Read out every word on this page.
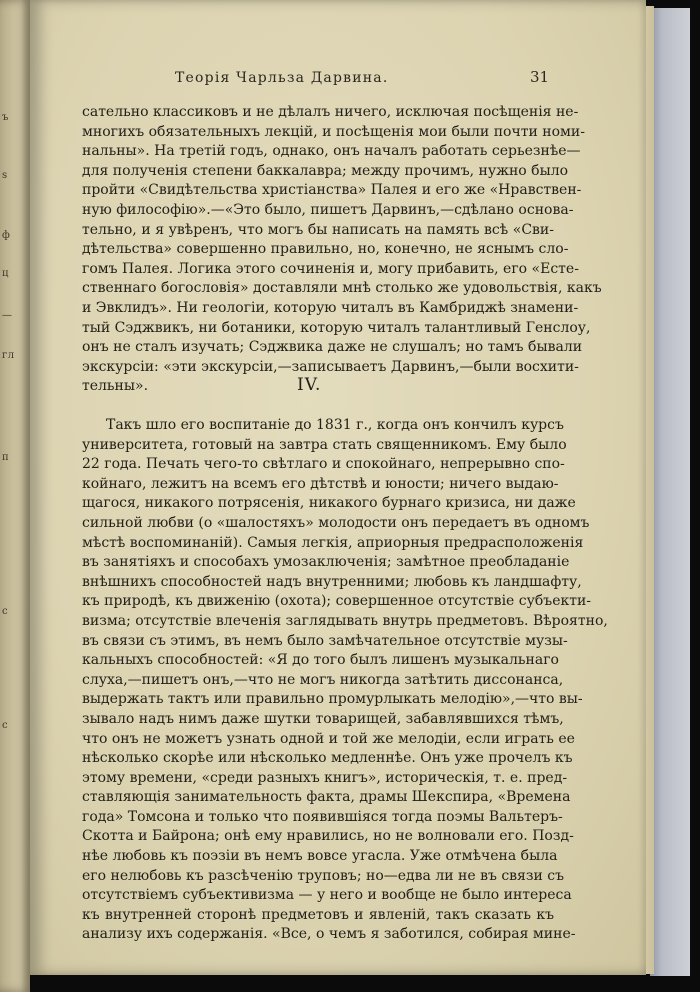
ъ
s
ф
ц
—
гл
п
с
с
Теорія Чарльза Дарвина.	31
сательно классиковъ и не дѣлалъ ничего, исключая посѣщенія не-
многихъ обязательныхъ лекцій, и посѣщенія мои были почти номи-
нальны». На третій годъ, однако, онъ началъ работать серьезнѣе—
для полученія степени баккалавра; между прочимъ, нужно было
пройти «Свидѣтельства христіанства» Палея и его же «Нравствен-
ную философію».—«Это было, пишетъ Дарвинъ,—сдѣлано основа-
тельно, и я увѣренъ, что могъ бы написать на память всѣ «Сви-
дѣтельства» совершенно правильно, но, конечно, не яснымъ сло-
гомъ Палея. Логика этого сочиненія и, могу прибавить, его «Есте-
ственнаго богословія» доставляли мнѣ столько же удовольствія, какъ
и Эвклидъ». Ни геологіи, которую читалъ въ Камбриджѣ знамени-
тый Сэджвикъ, ни ботаники, которую читалъ талантливый Генслоу,
онъ не сталъ изучать; Сэджвика даже не слушалъ; но тамъ бывали
экскурсіи: «эти экскурсіи,—записываетъ Дарвинъ,—были восхити-
тельны».	IV.
Такъ шло его воспитаніе до 1831 г., когда онъ кончилъ курсъ
университета, готовый на завтра стать священникомъ. Ему было
22 года. Печать чего-то свѣтлаго и спокойнаго, непрерывно спо-
койнаго, лежитъ на всемъ его дѣтствѣ и юности; ничего выдаю-
щагося, никакого потрясенія, никакого бурнаго кризиса, ни даже
сильной любви (о «шалостяхъ» молодости онъ передаетъ въ одномъ
мѣстѣ воспоминаній). Самыя легкія, априорныя предрасположенія
въ занятіяхъ и способахъ умозаключенія; замѣтное преобладаніе
внѣшнихъ способностей надъ внутренними; любовь къ ландшафту,
къ природѣ, къ движенію (охота); совершенное отсутствіе субъекти-
визма; отсутствіе влеченія заглядывать внутрь предметовъ. Вѣроятно,
въ связи съ этимъ, въ немъ было замѣчательное отсутствіе музы-
кальныхъ способностей: «Я до того былъ лишенъ музыкальнаго
слуха,—пишетъ онъ,—что не могъ никогда затѣтить диссонанса,
выдержать тактъ или правильно промурлыкать мелодію»,—что вы-
зывало надъ нимъ даже шутки товарищей, забавлявшихся тѣмъ,
что онъ не можетъ узнать одной и той же мелодіи, если играть ее
нѣсколько скорѣе или нѣсколько медленнѣе. Онъ уже прочелъ къ
этому времени, «среди разныхъ книгъ», историческія, т. е. пред-
ставляющія занимательность факта, драмы Шекспира, «Времена
года» Томсона и только что появившіяся тогда поэмы Вальтеръ-
Скотта и Байрона; онѣ ему нравились, но не волновали его. Позд-
нѣе любовь къ поэзіи въ немъ вовсе угасла. Уже отмѣчена была
его нелюбовь къ разсѣченію труповъ; но—едва ли не въ связи съ
отсутствіемъ субъективизма — у него и вообще не было интереса
къ внутренней сторонѣ предметовъ и явленій, такъ сказать къ
анализу ихъ содержанія. «Все, о чемъ я заботился, собирая мине-
